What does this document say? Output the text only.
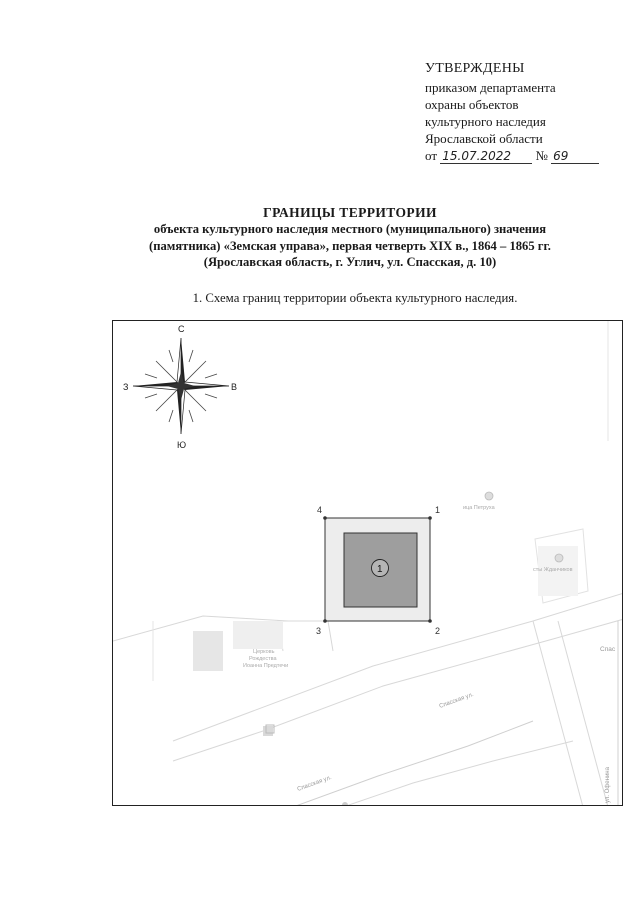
УТВЕРЖДЕНЫ
приказом департамента
охраны объектов
культурного наследия
Ярославской области
от 15.07.2022 № 69
ГРАНИЦЫ ТЕРРИТОРИИ
объекта культурного наследия местного (муниципального) значения
(памятника) «Земская управа», первая четверть XIX в., 1864 – 1865 гг.
(Ярославская область, г. Углич, ул. Спасская, д. 10)
1. Схема границ территории объекта культурного наследия.
С
Ю
В
З
1
1
2
3
4	ица Петруха
сты Жданчиков
Церковь
Рождества
Иоанна Предтечи
Спасская ул.
Спасская ул.
Спас
ул. Офенина
